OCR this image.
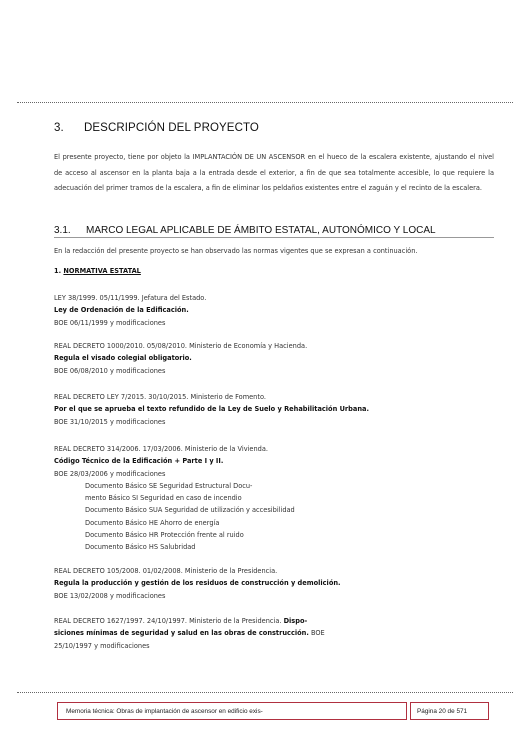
3. DESCRIPCIÓN DEL PROYECTO
El presente proyecto, tiene por objeto la IMPLANTACIÓN DE UN ASCENSOR en el hueco de la escalera existente, ajustando el nivel de acceso al ascensor en la planta baja a la entrada desde el exterior, a fin de que sea totalmente accesible, lo que requiere la adecuación del primer tramos de la escalera, a fin de eliminar los peldaños existentes entre el zaguán y el recinto de la escalera.
3.1. MARCO LEGAL APLICABLE DE ÁMBITO ESTATAL, AUTONÓMICO Y LOCAL
En la redacción del presente proyecto se han observado las normas vigentes que se expresan a continuación.
1. NORMATIVA ESTATAL
LEY 38/1999. 05/11/1999. Jefatura del Estado.
Ley de Ordenación de la Edificación.
BOE 06/11/1999 y modificaciones
REAL DECRETO 1000/2010. 05/08/2010. Ministerio de Economía y Hacienda.
Regula el visado colegial obligatorio.
BOE 06/08/2010 y modificaciones
REAL DECRETO LEY 7/2015. 30/10/2015. Ministerio de Fomento.
Por el que se aprueba el texto refundido de la Ley de Suelo y Rehabilitación Urbana.
BOE 31/10/2015 y modificaciones
REAL DECRETO 314/2006. 17/03/2006. Ministerio de la Vivienda.
Código Técnico de la Edificación + Parte I y II.
BOE 28/03/2006 y modificaciones
Documento Básico SE Seguridad Estructural Docu-
mento Básico SI Seguridad en caso de incendio
Documento Básico SUA Seguridad de utilización y accesibilidad
Documento Básico HE Ahorro de energía
Documento Básico HR Protección frente al ruido
Documento Básico HS Salubridad
REAL DECRETO 105/2008. 01/02/2008. Ministerio de la Presidencia.
Regula la producción y gestión de los residuos de construcción y demolición.
BOE 13/02/2008 y modificaciones
REAL DECRETO 1627/1997. 24/10/1997. Ministerio de la Presidencia. Dispo-
siciones mínimas de seguridad y salud en las obras de construcción. BOE
25/10/1997 y modificaciones
Memoria técnica: Obras de implantación de ascensor en edificio exis-	Página 20 de 571
